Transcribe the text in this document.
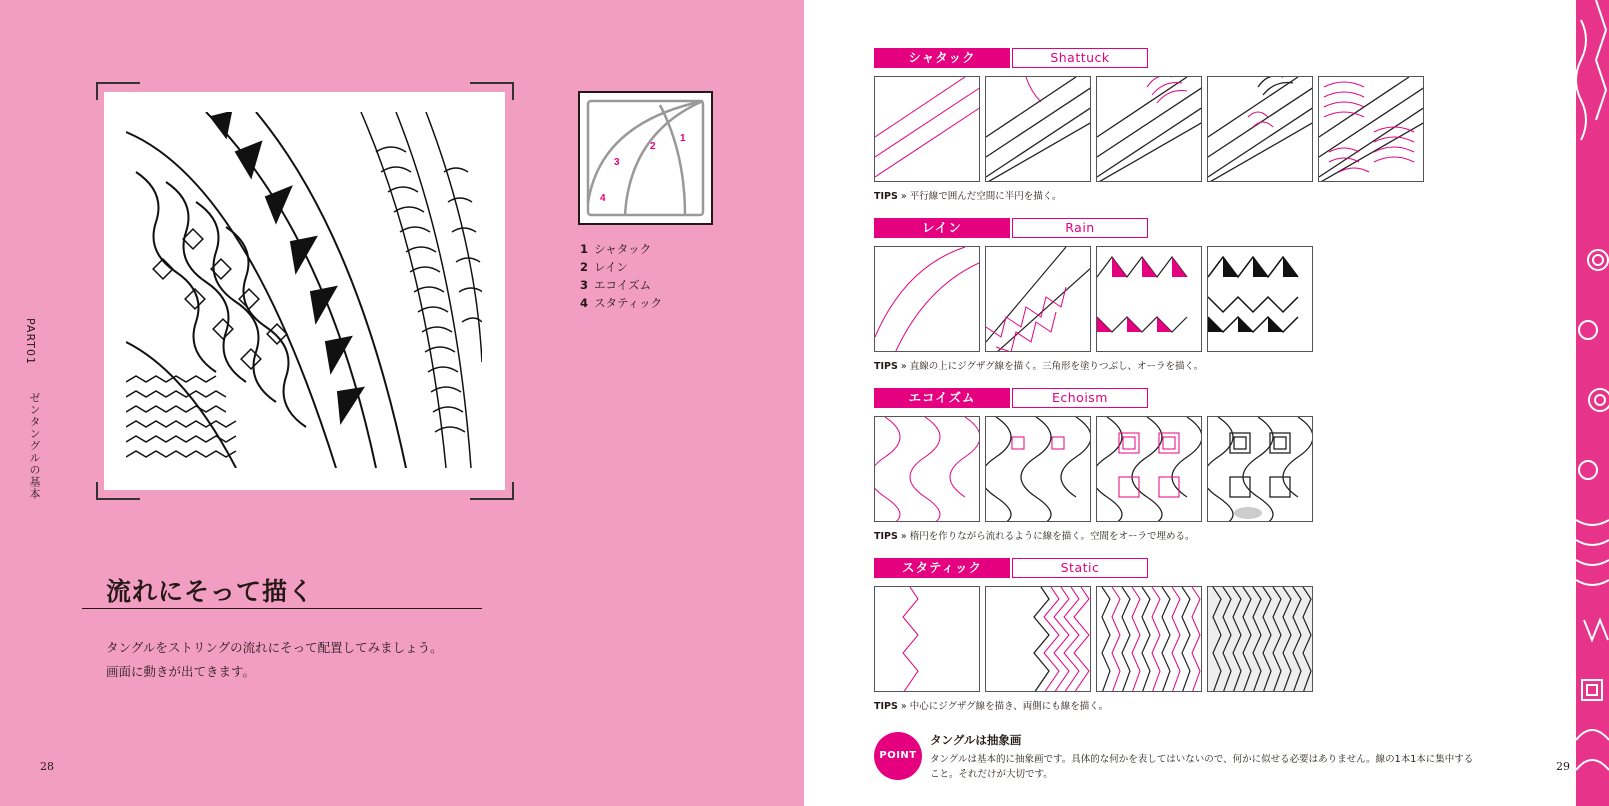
PART01
ゼンタングルの基本
28
1
2
3
4
1 シャタック
2 レイン
3 エコイズム
4 スタティック
流れにそって描く
タングルをストリングの流れにそって配置してみましょう。
画面に動きが出てきます。
29
シャタック	Shattuck
TIPS » 平行線で囲んだ空間に半円を描く。
レイン	Rain
TIPS » 直線の上にジグザグ線を描く。三角形を塗りつぶし、オーラを描く。
エコイズム	Echoism
TIPS » 楕円を作りながら流れるように線を描く。空間をオーラで埋める。
スタティック	Static
TIPS » 中心にジグザグ線を描き、両側にも線を描く。
POINT
タングルは抽象画
タングルは基本的に抽象画です。具体的な何かを表してはいないので、何かに似せる必要はありません。線の1本1本に集中すること。それだけが大切です。
